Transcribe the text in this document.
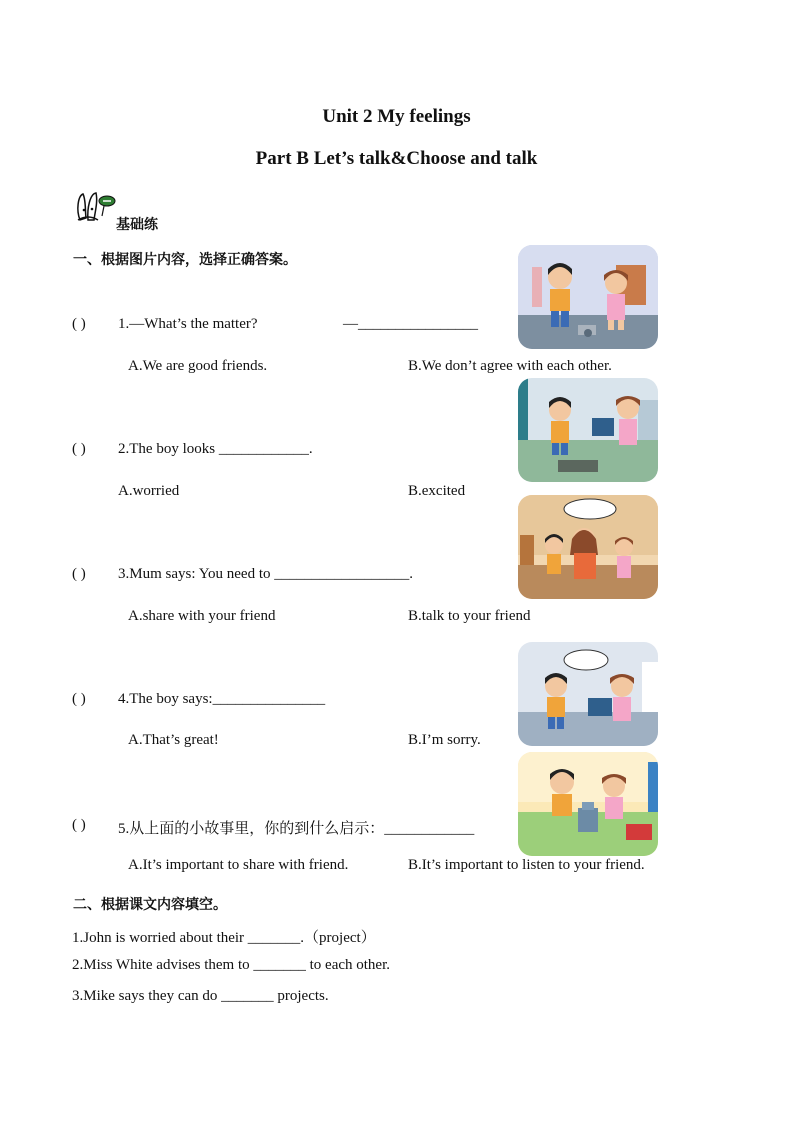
Unit 2 My feelings
Part B Let’s talk&Choose and talk
基础练
一、根据图片内容，选择正确答案。
( ) 1.—What’s the matter?	—________________
A.We are good friends.	B.We don’t agree with each other.
( ) 2.The boy looks ____________.
A.worried	B.excited
( ) 3.Mum says: You need to __________________.
A.share with your friend	B.talk to your friend
( ) 4.The boy says:_______________
A.That’s great!	B.I’m sorry.
( ) 5.从上面的小故事里，你的到什么启示：____________
A.It’s important to share with friend.	B.It’s important to listen to your friend.
二、根据课文内容填空。
1.John is worried about their _______.（project）
2.Miss White advises them to _______ to each other.
3.Mike says they can do _______ projects.
